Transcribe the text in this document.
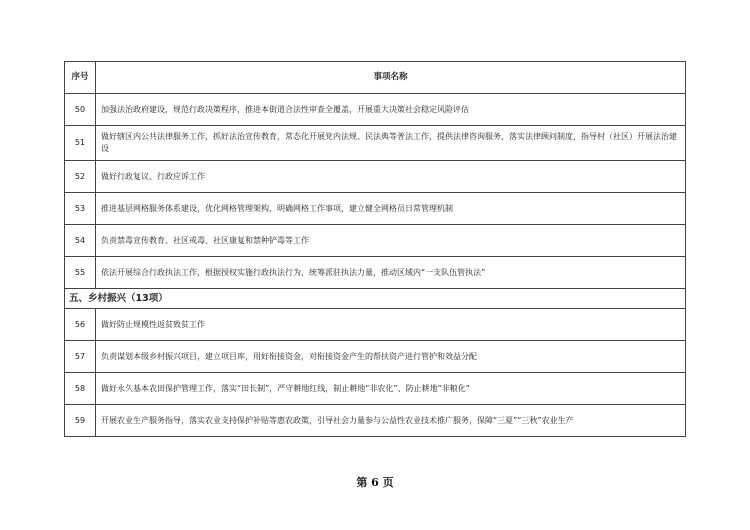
序号	事项名称
50	加强法治政府建设，规范行政决策程序，推进本街道合法性审查全覆盖，开展重大决策社会稳定风险评估
51	做好辖区内公共法律服务工作，抓好法治宣传教育，常态化开展党内法规、民法典等普法工作，提供法律咨询服务，落实法律顾问制度，指导村（社区）开展法治建设
52	做好行政复议、行政应诉工作
53	推进基层网格服务体系建设，优化网格管理架构，明确网格工作事项，建立健全网格员日常管理机制
54	负责禁毒宣传教育、社区戒毒、社区康复和禁种铲毒等工作
55	依法开展综合行政执法工作，根据授权实施行政执法行为，统筹派驻执法力量，推动区域内“一支队伍管执法”
五、乡村振兴（13项）	
56	做好防止规模性返贫致贫工作
57	负责谋划本级乡村振兴项目，建立项目库，用好衔接资金，对衔接资金产生的帮扶资产进行管护和效益分配
58	做好永久基本农田保护管理工作，落实“田长制”，严守耕地红线，制止耕地“非农化”、防止耕地“非粮化”
59	开展农业生产服务指导，落实农业支持保护补贴等惠农政策，引导社会力量参与公益性农业技术推广服务，保障“三夏”“三秋”农业生产
第 6 页
